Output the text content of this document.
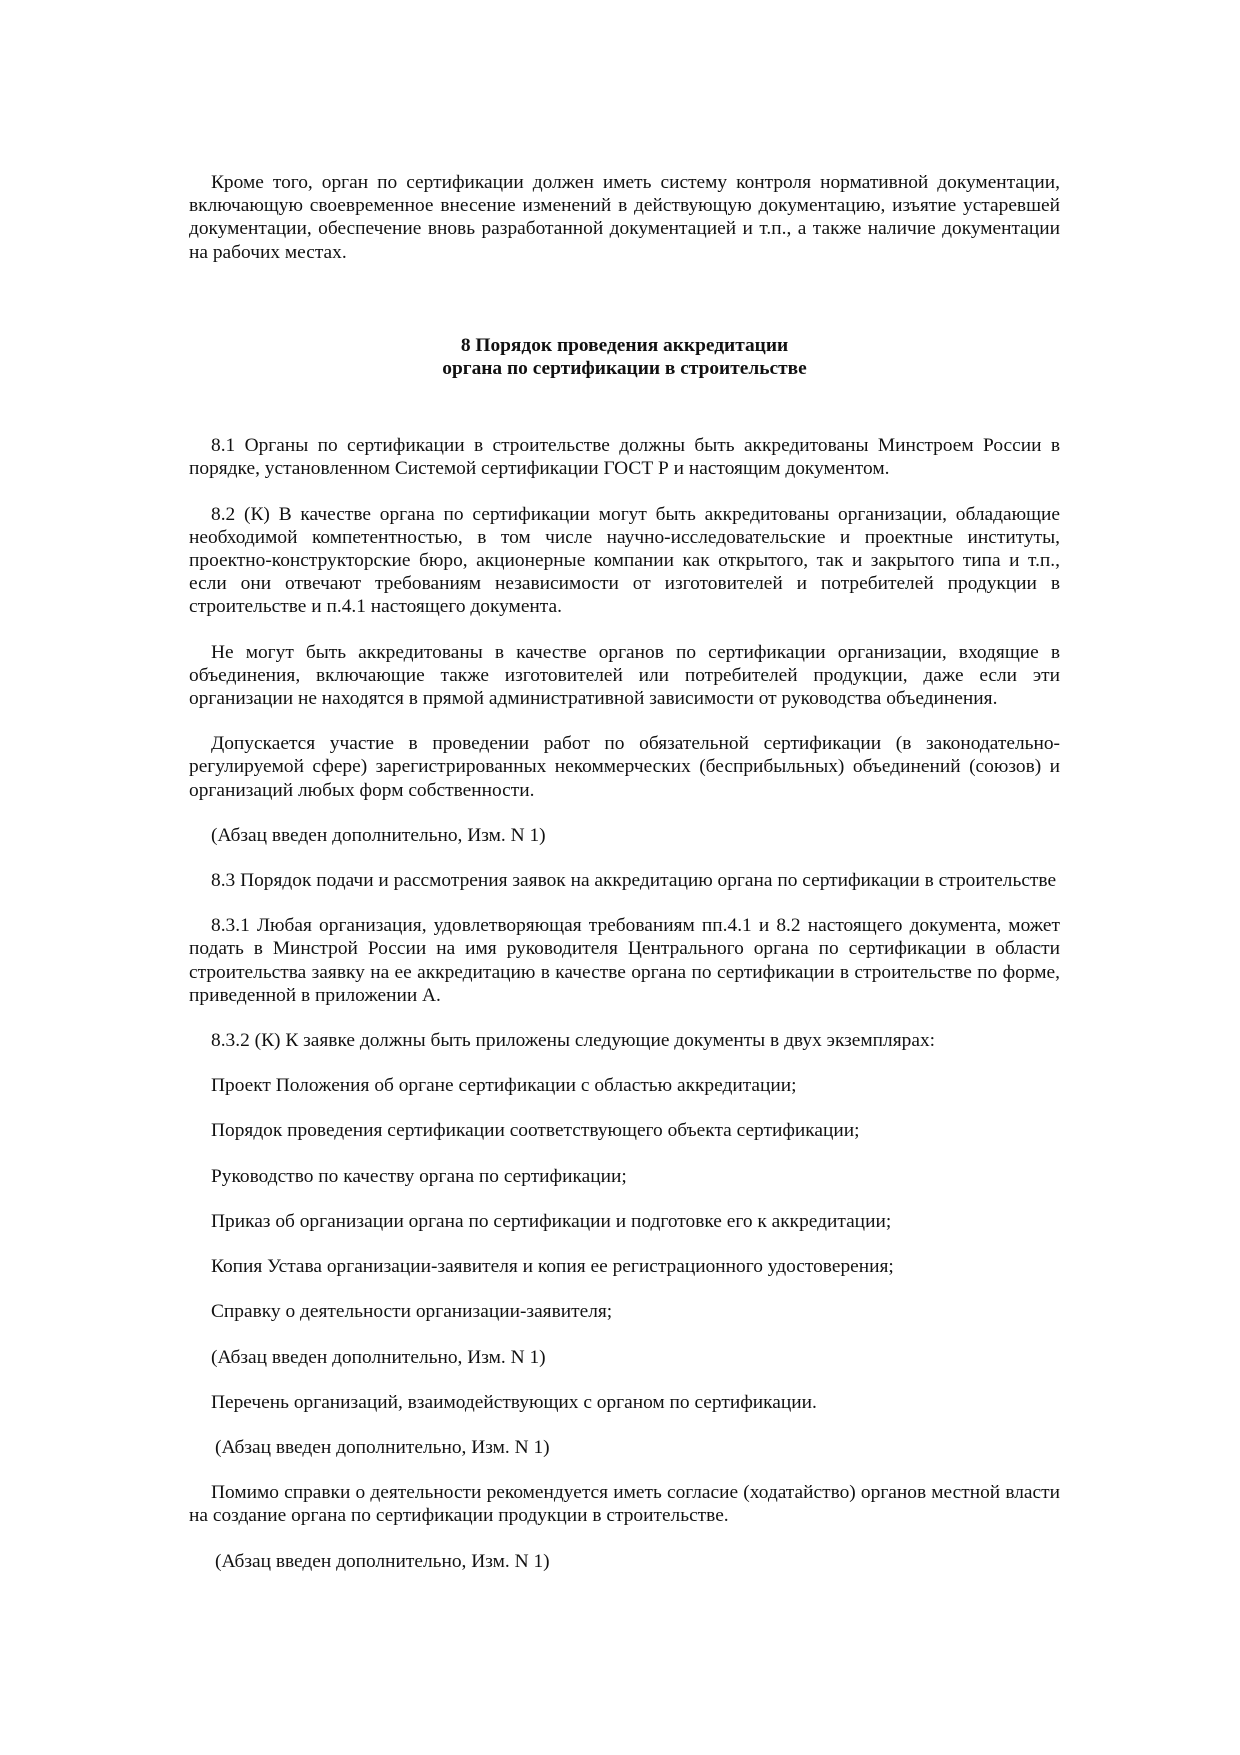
Кроме того, орган по сертификации должен иметь систему контроля нормативной документации, включающую своевременное внесение изменений в действующую документацию, изъятие устаревшей документации, обеспечение вновь разработанной документацией и т.п., а также наличие документации на рабочих местах.

8 Порядок проведения аккредитации
органа по сертификации в строительстве

8.1 Органы по сертификации в строительстве должны быть аккредитованы Минстроем России в порядке, установленном Системой сертификации ГОСТ Р и настоящим документом.

8.2 (К) В качестве органа по сертификации могут быть аккредитованы организации, обладающие необходимой компетентностью, в том числе научно-исследовательские и проектные институты, проектно-конструкторские бюро, акционерные компании как открытого, так и закрытого типа и т.п., если они отвечают требованиям независимости от изготовителей и потребителей продукции в строительстве и п.4.1 настоящего документа.

Не могут быть аккредитованы в качестве органов по сертификации организации, входящие в объединения, включающие также изготовителей или потребителей продукции, даже если эти организации не находятся в прямой административной зависимости от руководства объединения.

Допускается участие в проведении работ по обязательной сертификации (в законодательно-регулируемой сфере) зарегистрированных некоммерческих (бесприбыльных) объединений (союзов) и организаций любых форм собственности.

(Абзац введен дополнительно, Изм. N 1)

8.3 Порядок подачи и рассмотрения заявок на аккредитацию органа по сертификации в строительстве

8.3.1 Любая организация, удовлетворяющая требованиям пп.4.1 и 8.2 настоящего документа, может подать в Минстрой России на имя руководителя Центрального органа по сертификации в области строительства заявку на ее аккредитацию в качестве органа по сертификации в строительстве по форме, приведенной в приложении А.

8.3.2 (К) К заявке должны быть приложены следующие документы в двух экземплярах:

Проект Положения об органе сертификации с областью аккредитации;

Порядок проведения сертификации соответствующего объекта сертификации;

Руководство по качеству органа по сертификации;

Приказ об организации органа по сертификации и подготовке его к аккредитации;

Копия Устава организации-заявителя и копия ее регистрационного удостоверения;

Справку о деятельности организации-заявителя;

(Абзац введен дополнительно, Изм. N 1)

Перечень организаций, взаимодействующих с органом по сертификации.

(Абзац введен дополнительно, Изм. N 1)

Помимо справки о деятельности рекомендуется иметь согласие (ходатайство) органов местной власти на создание органа по сертификации продукции в строительстве.

(Абзац введен дополнительно, Изм. N 1)
